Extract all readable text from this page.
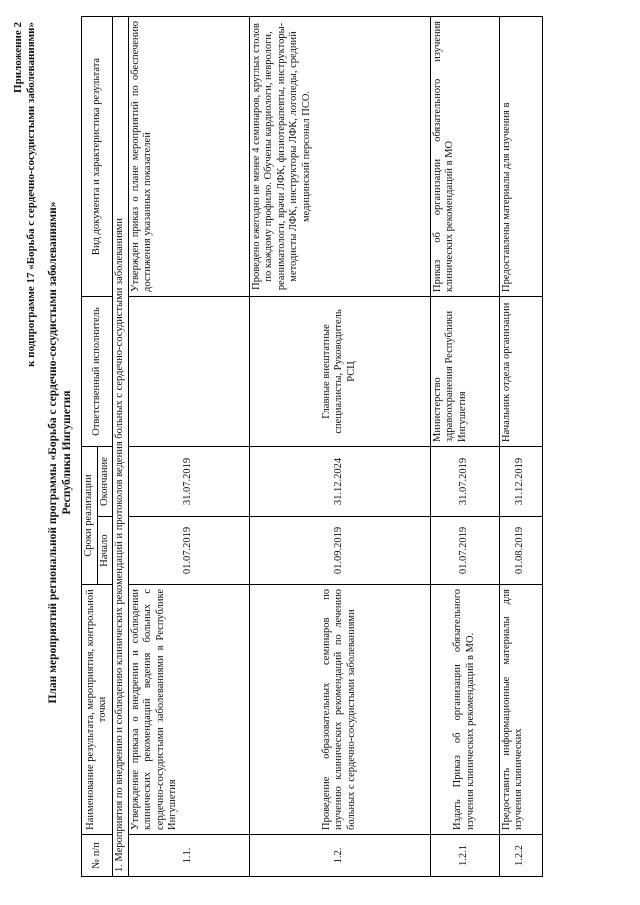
Приложение 2 к подпрограмме 17 «Борьба с сердечно-сосудистыми заболеваниями»
План мероприятий региональной программы «Борьба с сердечно-сосудистыми заболеваниями» Республики Ингушетия
№ п/п	Наименование результата, мероприятия, контрольной точки	Сроки реализации		Ответственный исполнитель	Вид документа и характеристика результата
		Начало	Окончание		
1. Мероприятия по внедрению и соблюдению клинических рекомендаций и протоколов ведения больных с сердечно-сосудистыми заболеваниями					
1.1.	Утверждение приказа о внедрении и соблюдении клинических рекомендаций ведения больных с сердечно-сосудистыми заболеваниями в Республике Ингушетия	01.07.2019	31.07.2019		Утвержден приказ о плане мероприятий по обеспечению достижения указанных показателей
1.2.	Проведение образовательных семинаров по изучению клинических рекомендаций по лечению больных с сердечно-сосудистыми заболеваниями	01.09.2019	31.12.2024	Главные внештатные специалисты, Руководитель РСЦ	Проведено ежегодно не менее 4 семинаров, круглых столов по каждому профилю. Обучены кардиологи, неврологи, реаниматологи, врачи ЛФК, физиотерапевты, инструкторы-методисты ЛФК, инструкторы ЛФК, логопеды, средний медицинский персонал ПСО.
1.2.1	Издать Приказ об организации обязательного изучения клинических рекомендаций в МО.	01.07.2019	31.07.2019	Министерство здравоохранения Республики Ингушетия	Приказ об организации обязательного изучения клинических рекомендаций в МО
1.2.2	Предоставить информационные материалы для изучения клинических	01.08.2019	31.12.2019	Начальник отдела организации	Предоставлены материалы для изучения в
